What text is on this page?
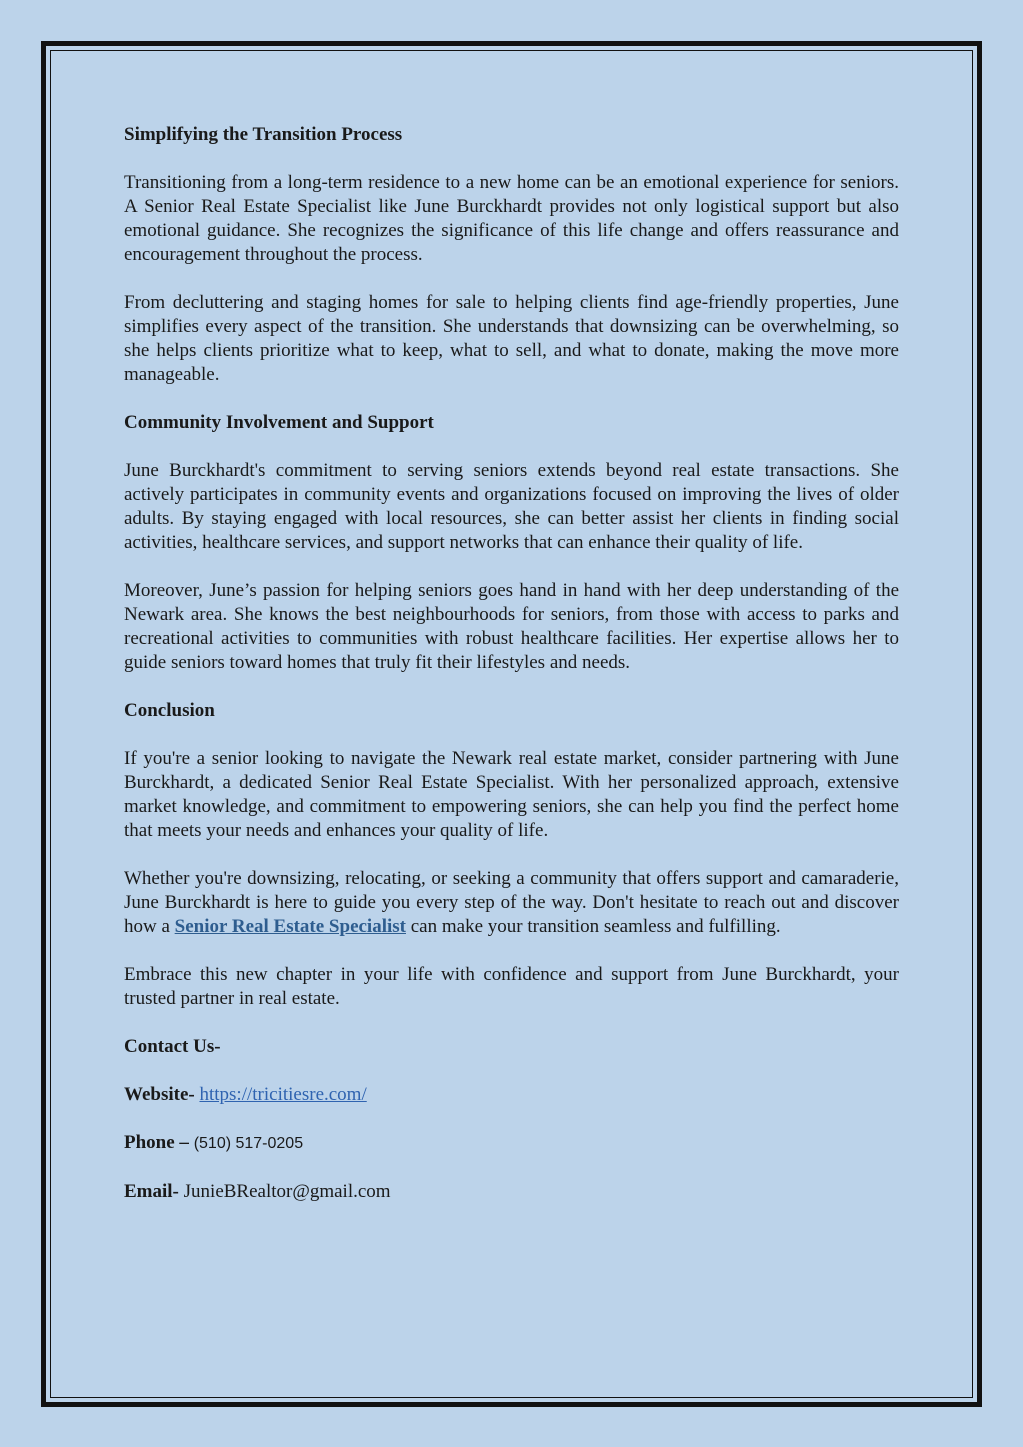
Simplifying the Transition Process

Transitioning from a long-term residence to a new home can be an emotional experience for seniors. A Senior Real Estate Specialist like June Burckhardt provides not only logistical support but also emotional guidance. She recognizes the significance of this life change and offers reassurance and encouragement throughout the process.

From decluttering and staging homes for sale to helping clients find age-friendly properties, June simplifies every aspect of the transition. She understands that downsizing can be overwhelming, so she helps clients prioritize what to keep, what to sell, and what to donate, making the move more manageable.

Community Involvement and Support

June Burckhardt's commitment to serving seniors extends beyond real estate transactions. She actively participates in community events and organizations focused on improving the lives of older adults. By staying engaged with local resources, she can better assist her clients in finding social activities, healthcare services, and support networks that can enhance their quality of life.

Moreover, June’s passion for helping seniors goes hand in hand with her deep understanding of the Newark area. She knows the best neighbourhoods for seniors, from those with access to parks and recreational activities to communities with robust healthcare facilities. Her expertise allows her to guide seniors toward homes that truly fit their lifestyles and needs.

Conclusion

If you're a senior looking to navigate the Newark real estate market, consider partnering with June Burckhardt, a dedicated Senior Real Estate Specialist. With her personalized approach, extensive market knowledge, and commitment to empowering seniors, she can help you find the perfect home that meets your needs and enhances your quality of life.

Whether you're downsizing, relocating, or seeking a community that offers support and camaraderie, June Burckhardt is here to guide you every step of the way. Don't hesitate to reach out and discover how a Senior Real Estate Specialist can make your transition seamless and fulfilling.

Embrace this new chapter in your life with confidence and support from June Burckhardt, your trusted partner in real estate.

Contact Us-
Website- https://tricitiesre.com/
Phone – (510) 517-0205
Email- JunieBRealtor@gmail.com
